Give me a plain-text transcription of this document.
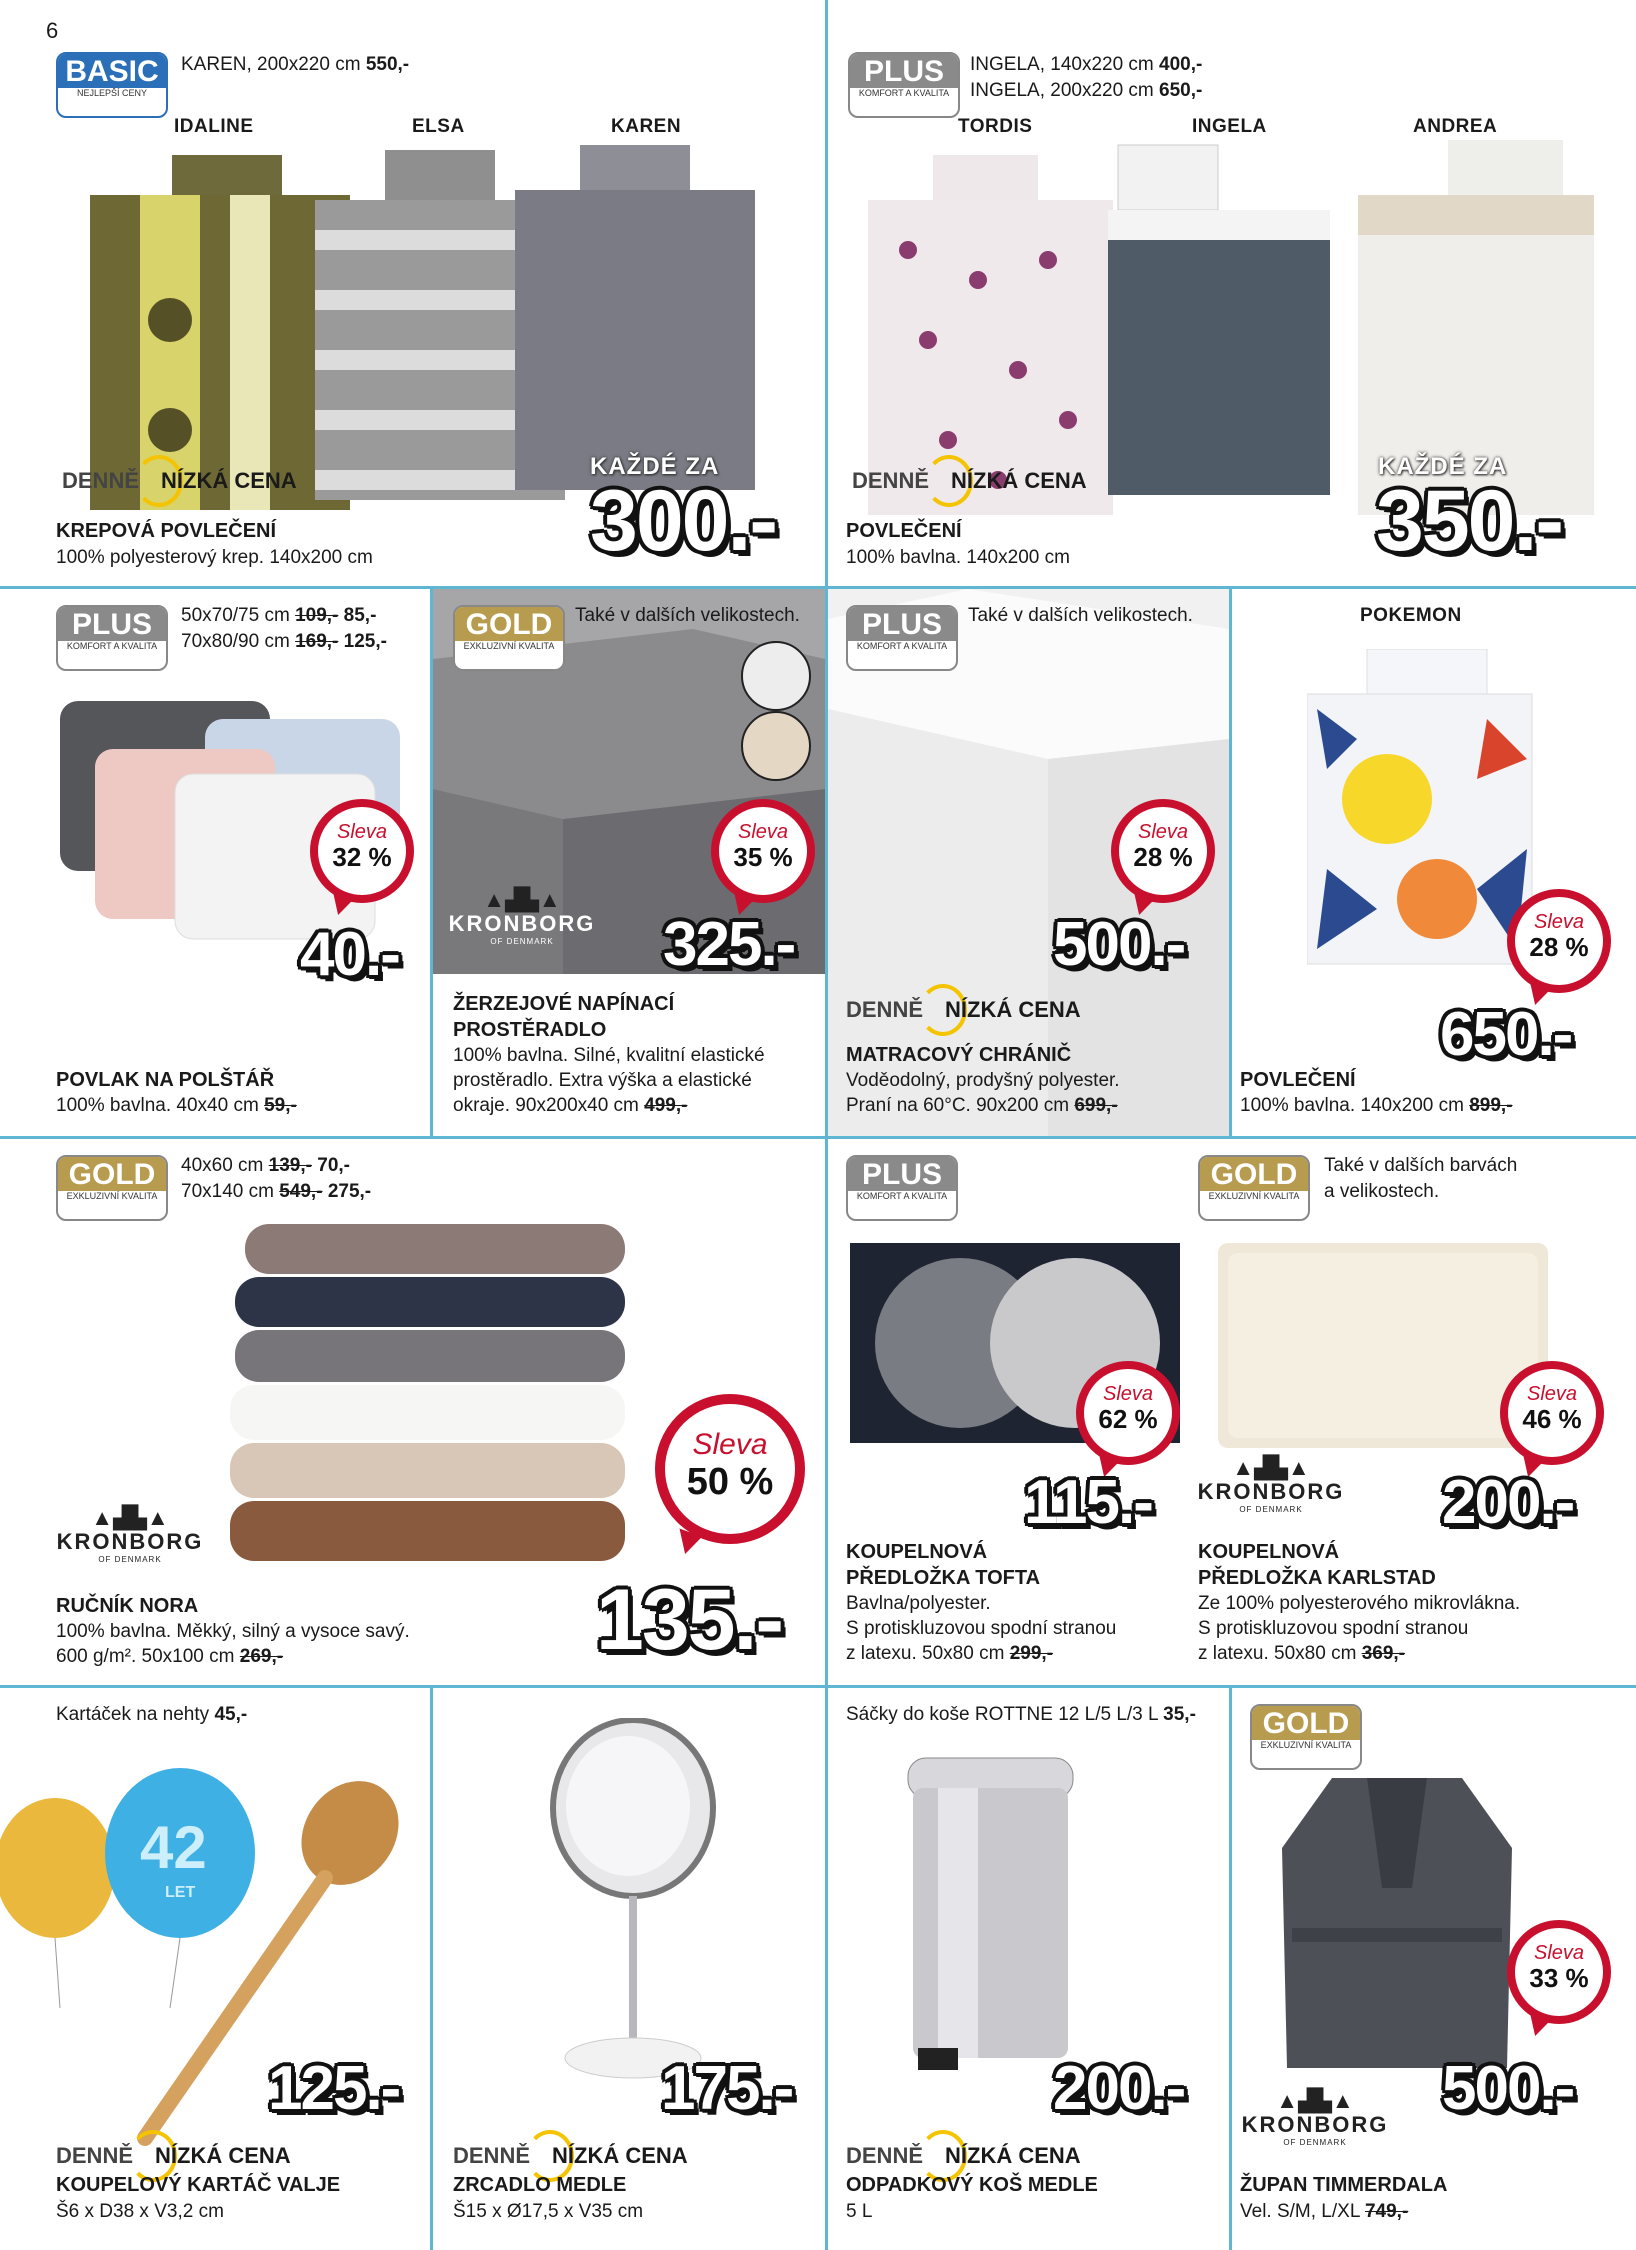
6
BASIC
NEJLEPŠÍ CENY
KAREN, 200x220 cm 550,-
IDALINE	ELSA	KAREN
KAŽDÉ ZA
300.-
DENNĚ NÍZKÁ CENA
KREPOVÁ POVLEČENÍ
100% polyesterový krep. 140x200 cm
PLUS
KOMFORT A KVALITA
INGELA, 140x220 cm 400,-
INGELA, 200x220 cm 650,-
TORDIS	INGELA	ANDREA
KAŽDÉ ZA
350.-
DENNĚ NÍZKÁ CENA
POVLEČENÍ
100% bavlna. 140x200 cm
PLUS
KOMFORT A KVALITA
50x70/75 cm 109,- 85,-
70x80/90 cm 169,- 125,-
Sleva
32 %
40.-
POVLAK NA POLŠTÁŘ
100% bavlna. 40x40 cm 59,-
GOLD
EXKLUZIVNÍ KVALITA
Také v dalších velikostech.
▲▟▙▲
KRONBORG
OF DENMARK
Sleva
35 %
325.-
ŽERZEJOVÉ NAPÍNACÍ
PROSTĚRADLO
100% bavlna. Silné, kvalitní elastické
prostěradlo. Extra výška a elastické
okraje. 90x200x40 cm 499,-
PLUS
KOMFORT A KVALITA
Také v dalších velikostech.
Sleva
28 %
500.-
DENNĚ NÍZKÁ CENA
MATRACOVÝ CHRÁNIČ
Voděodolný, prodyšný polyester.
Praní na 60°C. 90x200 cm 699,-
POKEMON
Sleva
28 %
650.-
POVLEČENÍ
100% bavlna. 140x200 cm 899,-
GOLD
EXKLUZIVNÍ KVALITA
40x60 cm 139,- 70,-
70x140 cm 549,- 275,-
Sleva
50 %
▲▟▙▲
KRONBORG
OF DENMARK
135.-
RUČNÍK NORA
100% bavlna. Měkký, silný a vysoce savý.
600 g/m². 50x100 cm 269,-
PLUS
KOMFORT A KVALITA
Sleva
62 %
115.-
KOUPELNOVÁ
PŘEDLOŽKA TOFTA
Bavlna/polyester.
S protiskluzovou spodní stranou
z latexu. 50x80 cm 299,-
GOLD
EXKLUZIVNÍ KVALITA
Také v dalších barvách
a velikostech.
Sleva
46 %
▲▟▙▲
KRONBORG
OF DENMARK	200.-
KOUPELNOVÁ
PŘEDLOŽKA KARLSTAD
Ze 100% polyesterového mikrovlákna.
S protiskluzovou spodní stranou
z latexu. 50x80 cm 369,-
Kartáček na nehty 45,-
42
LET
125.-
DENNĚ NÍZKÁ CENA
KOUPELOVÝ KARTÁČ VALJE
Š6 x D38 x V3,2 cm
175.-
DENNĚ NÍZKÁ CENA
ZRCADLO MEDLE
Š15 x Ø17,5 x V35 cm
Sáčky do koše ROTTNE 12 L/5 L/3 L 35,-
200.-
DENNĚ NÍZKÁ CENA
ODPADKOVÝ KOŠ MEDLE
5 L
GOLD
EXKLUZIVNÍ KVALITA
Sleva
33 %
500.-
▲▟▙▲
KRONBORG
OF DENMARK
ŽUPAN TIMMERDALA
Vel. S/M, L/XL 749,-
